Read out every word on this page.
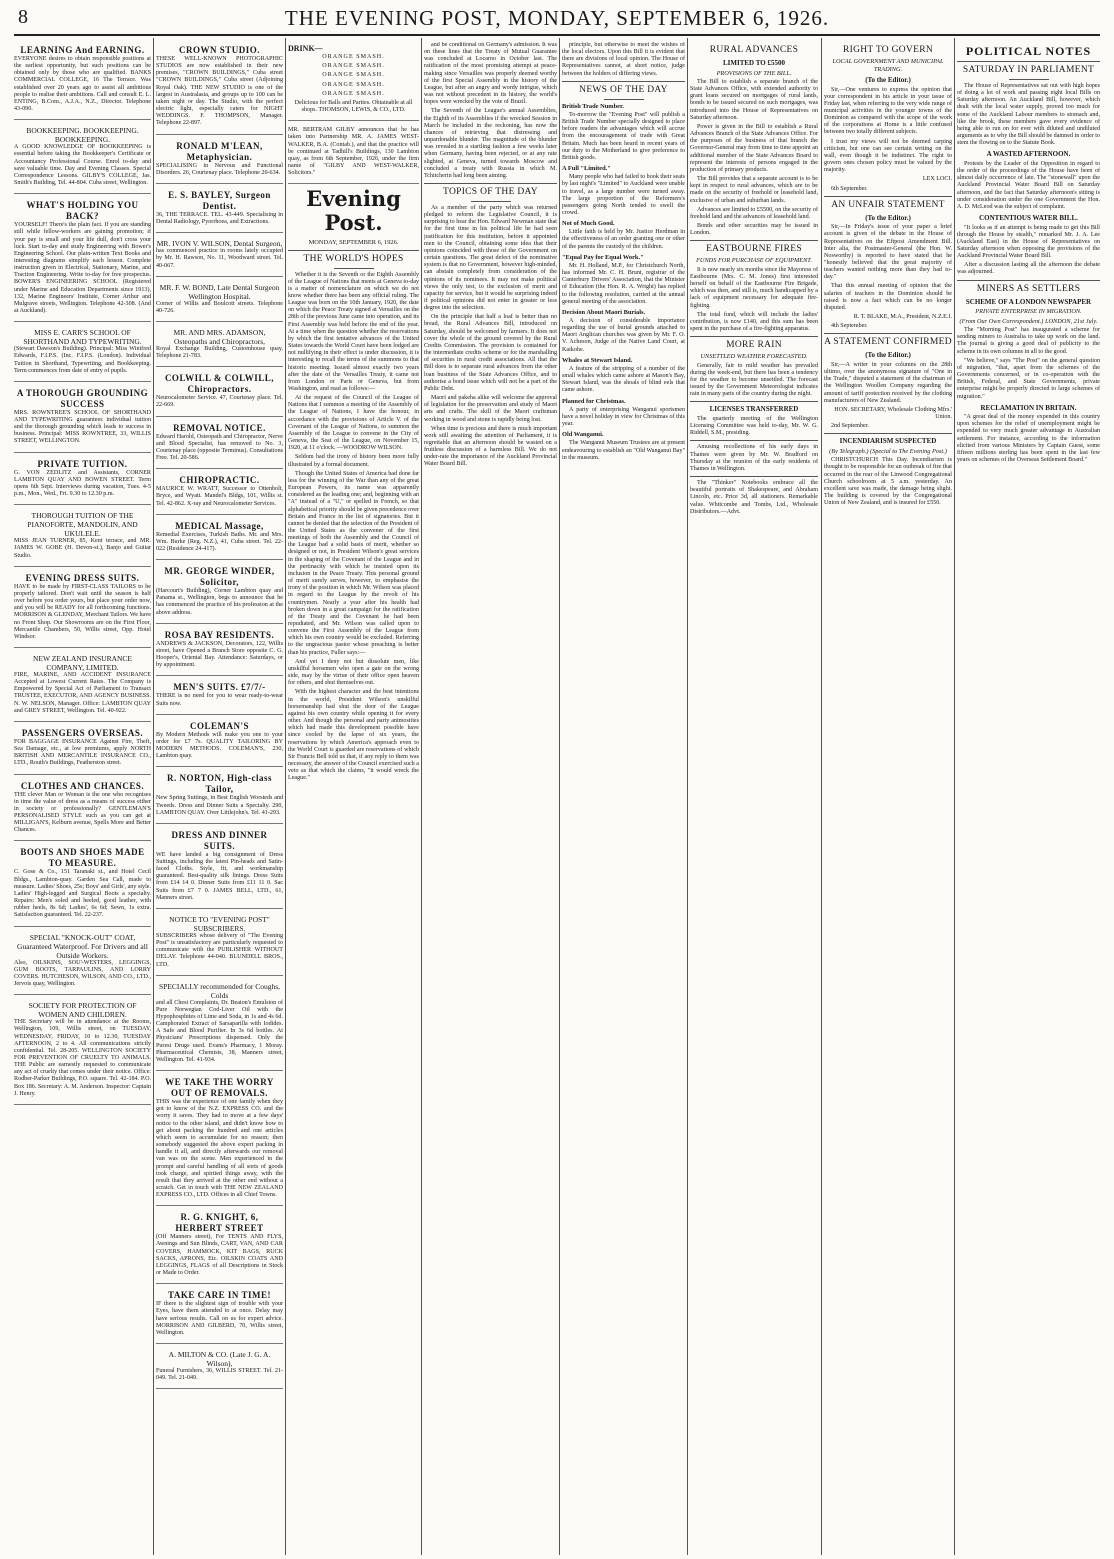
8	THE EVENING POST, MONDAY, SEPTEMBER 6, 1926.
LEARNING And EARNING.

EVERYONE desires to obtain responsible positions at the earliest opportunity, but such positions can be obtained only by those who are qualified. BANKS COMMERCIAL COLLEGE, 16 The Terrace. Was established over 20 years ago to assist all ambitious people to realise their ambitions. Call and consult E. L. ENTING, B.Com., A.J.A., N.Z., Director. Telephone 43-090.

BOOKKEEPING. BOOKKEEPING. BOOKKEEPING.

A GOOD KNOWLEDGE OF BOOKKEEPING is essential before taking the Bookkeeper's Certificate or Accountancy Professional Course. Enrol to-day and save valuable time. Day and Evening Classes. Special Correspondence Lessons. GILBY'S COLLEGE, Jas. Smith's Building, Tel. 44-804. Cuba street, Wellington.

WHAT'S HOLDING YOU BACK?

YOURSELF! There's the plain fact. If you are standing still while fellow-workers are gaining promotion; if your pay is small and your life dull, don't cross your luck. Start to-day and study Engineering with Bower's Engineering School. Our plain-written Text Books and interesting diagrams simplify each lesson. Complete instruction given in Electrical, Stationary, Marine, and Traction Engineering. Write to-day for free prospectus. BOWER'S ENGINEERING SCHOOL (Registered under Marine and Education Departments since 1913), 132, Marine Engineers' Institute, Corner Arthur and Mulgrave streets, Wellington. Telephone 42-308. (And at Auckland).

MISS E. CARR'S SCHOOL OF SHORTHAND AND TYPEWRITING.

(Stewart Dawson's Building). Principal: Miss Winifred Edwards, F.I.P.S. (Inc. F.I.P.S. (London). Individual Tuition in Shorthand, Typewriting, and Bookkeeping. Term commences from date of entry of pupils.

A THOROUGH GROUNDING SUCCESS

MRS. ROWNTREE'S SCHOOL OF SHORTHAND AND TYPEWRITING guarantees individual tuition and the thorough grounding which leads to success in business. Principal: MISS ROWNTREE, 33, WILLIS STREET, WELLINGTON.

PRIVATE TUITION.

G. VON ZEDLITZ and Assistants, CORNER LAMBTON QUAY AND BOWEN STREET. Term opens 6th Sept. Interviews during vacation, Tues. 4-5 p.m., Mon., Wed., Fri. 9.30 to 12.30 p.m.

THOROUGH TUITION OF THE PIANOFORTE, MANDOLIN, AND UKULELE.

MISS JEAN TURNER, 85, Kent terrace, and MR. JAMES W. GOBE (H. Devon-st.), Banjo and Guitar Studio.

EVENING DRESS SUITS.

HAVE to be made by FIRST-CLASS TAILORS to be properly tailored. Don't wait until the season is half over before you order yours, but place your order now, and you will be READY for all forthcoming functions. MORRISON & GLENDAY, Merchant Tailors. We have no Front Shop. Our Showrooms are on the First Floor, Mercantile Chambers, 50, Willis street, Opp. Hotel Windsor.

NEW ZEALAND INSURANCE COMPANY, LIMITED.

FIRE, MARINE, AND ACCIDENT INSURANCE Accepted at Lowest Current Rates. The Company is Empowered by Special Act of Parliament to Transact TRUSTEE, EXECUTOR, AND AGENCY BUSINESS. N. W. NELSON, Manager. Office: LAMBTON QUAY and GREY STREET, Wellington. Tel. 40-922.

PASSENGERS OVERSEAS.

FOR BAGGAGE INSURANCE Against Fire, Theft, Sea Damage, etc., at low premiums, apply NORTH BRITISH AND MERCANTILE INSURANCE CO., LTD., Routh's Buildings, Featherston street.

CLOTHES AND CHANCES.

THE clever Man or Woman is the one who recognises in time the value of dress as a means of success either in society or professionally? GENTLEMAN'S PERSONALISED STYLE such as you can get at MILLIGAN'S, Kelburn avenue, Spells More and Better Chances.

BOOTS AND SHOES MADE TO MEASURE.

C. Gose & Co., 151 Taranaki st., and Hotel Cecil Bldgs., Lambton-quay. Garden Sea Call, made to measure. Ladies' Shoes, 25s; Boys' and Girls', any style. Ladies' High-legged and Surgical Boots a specialty. Repairs: Men's soled and heeled, good leather, with rubber heels, 8s 6d; Ladies', 6s 6d; Sewn, 1s extra. Satisfaction guaranteed. Tel. 22-237.

SPECIAL "KNOCK-OUT" COAT, Guaranteed Waterproof. For Drivers and all Outside Workers.

Also, OILSKINS, SOU'-WESTERS, LEGGINGS, GUM BOOTS, TARPAULINS, AND LORRY COVERS. HUTCHESON, WILSON, AND CO., LTD., Jervois quay, Wellington.

SOCIETY FOR PROTECTION OF WOMEN AND CHILDREN.

THE Secretary will be in attendance at the Rooms, Wellington, 109, Willis street, on TUESDAY, WEDNESDAY, FRIDAY, 10 to 12.30, TUESDAY AFTERNOON, 2 to 4. All communications strictly confidential. Tel. 28-205. WELLINGTON SOCIETY FOR PREVENTION OF CRUELTY TO ANIMALS. THE Public are earnestly requested to communicate any act of cruelty that comes under their notice. Office: Rodber-Parker Buildings, P.O. square. Tel. 42-184. P.O. Box 186. Secretary: A. M. Anderson. Inspector: Captain J. Henry.

CROWN STUDIO.

THESE WELL-KNOWN PHOTOGRAPHIC STUDIOS are now established in their new premises, "CROWN BUILDINGS," Cuba street "CROWN BUILDINGS," Cuba street (Adjoining Royal Oak). THE NEW STUDIO is one of the largest in Australasia, and groups up to 100 can be taken night or day. The Studio, with the perfect electric light, especially caters for NIGHT WEDDINGS. F. THOMPSON, Manager. Telephone 22-897.

RONALD M'LEAN, Metaphysician.

SPECIALISING in Nervous and Functional Disorders. 26, Courtenay place. Telephone 20-634.

E. S. BAYLEY, Surgeon Dentist.

36, THE TERRACE. TEL. 43-449. Specialising in Dental Radiology, Pyorrhoea, and Extractions.

MR. IVON V. WILSON, Dental Surgeon,

has commenced practice in rooms lately occupied by Mr. H. Rawson, No. 11, Woodward street. Tel. 40-067.

MR. F. W. BOND, Late Dental Surgeon Wellington Hospital.

Corner of Willis and Boulcott streets. Telephone 40-726.

MR. AND MRS. ADAMSON, Osteopaths and Chiropractors,

Royal Exchange Building, Customhouse quay. Telephone 21-783.

COLWILL & COLWILL, Chiropractors.

Neurocalometer Service. 47, Courtenay place. Tel. 22-669.

REMOVAL NOTICE.

Edward Harold, Osteopath and Chiropractor, Nerve and Blood Specialist, has removed to No. 3, Courtenay place (opposite Terminus). Consultations Free. Tel. 20-586.

CHIROPRACTIC.

MAURICE W. WRATT, Successor to Ottenbolt, Bryce, and Wyatt. Mandel's Bldgs, 101, Willis st. Tel. 42-862. X-ray and Neurocalometer Services.

MEDICAL Massage,

Remedial Exercises, Turkish Baths. Mr. and Mrs. Wm. Burke (Reg. N.Z.), 41, Cuba street. Tel. 22-022 (Residence 24-417).

MR. GEORGE WINDER, Solicitor,

(Harcourt's Building), Corner Lambton quay and Panama st., Wellington, begs to announce that he has commenced the practice of his profession at the above address.

ROSA BAY RESIDENTS.

ANDREWS & JACKSON, Decorators, 122, Willis street, have Opened a Branch Store opposite C. G. Hooper's, Oriental Bay. Attendance: Saturdays, or by appointment.

MEN'S SUITS. £7/7/-

THERE is no need for you to wear ready-to-wear Suits now.

COLEMAN'S

By Modern Methods will make you one to your order for £7 7s. QUALITY TAILORING BY MODERN METHODS. COLEMAN'S, 230, Lambton quay.

R. NORTON, High-class Tailor,

New Spring Suitings, in Best English Worsteds and Tweeds. Dress and Dinner Suits a Specialty. 290, LAMBTON QUAY. Over Littlejohn's. Tel. 41-293.

DRESS AND DINNER SUITS.

WE have landed a big consignment of Dress Suitings, including the latest Pin-heads and Satin-faced Cloths. Style, fit, and workmanship guaranteed. Best-quality silk linings. Dress Suits from £14 14 0. Dinner Suits from £11 11 0. Sac Suits from £7 7 0. JAMES BELL, LTD., 61, Manners street.

NOTICE TO "EVENING POST" SUBSCRIBERS.

SUBSCRIBERS whose delivery of "The Evening Post" is unsatisfactory are particularly requested to communicate with the PUBLISHER WITHOUT DELAY. Telephone 44-040. BLUNDELL BROS., LTD.

SPECIALLY recommended for Coughs, Colds

and all Chest Complaints, Dr. Beaton's Emulsion of Pure Norwegian Cod-Liver Oil with the Hypophosphites of Lime and Soda, in 1s and 4s 6d. Camphorated Extract of Sarsaparilla with Iodides. A Safe and Blood Purifier. In 3s 6d bottles. At Physicians' Prescriptions dispensed. Only the Purest Drugs used. Evans's Pharmacy, 1 Moray. Pharmaceutical Chemists, 38, Manners street, Wellington. Tel. 41-934.

WE TAKE THE WORRY OUT OF REMOVALS.

THIS was the experience of one family when they got to know of the N.Z. EXPRESS CO. and the worry it saves. They had to move at a few days' notice to the other island, and didn't know how to get about packing the hundred and one articles which seem to accumulate for no reason; then somebody suggested the above expert packing in handle it all, and directly afterwards our removal van was on the scene. Men experienced in the prompt and careful handling of all sorts of goods took charge, and spirited things away, with the result that they arrived at the other end without a scratch. Get in touch with THE NEW ZEALAND EXPRESS CO., LTD. Offices in all Chief Towns.

R. G. KNIGHT, 6, HERBERT STREET

(Off Manners street), For TENTS AND FLYS, Awnings and Sun Blinds, CART, VAN, AND CAR COVERS, HAMMOCK, KIT BAGS, RUCK SACKS, APRONS, Etc. OILSKIN COATS AND LEGGINGS, FLAGS of all Descriptions in Stock or Made to Order.

TAKE CARE IN TIME!

IF there is the slightest sign of trouble with your Eyes, have them attended to at once. Delay may have serious results. Call on us for expert advice. MORRISON AND GILBERD, 70, Willis street, Wellington.

A. MILTON & CO. (Late J. G. A. Wilson),

Funeral Furnishers, 36, WILLIS STREET. Tel. 21-049. Tel. 21-049.

DRINK—

ORANGE SMASH.

ORANGE SMASH.

ORANGE SMASH.

ORANGE SMASH.

ORANGE SMASH.

Delicious for Balls and Parties. Obtainable at all shops. THOMSON, LEWIS, & CO., LTD.

MR. BERTRAM GILBY announces that he has taken into Partnership MR. A. JAMES WEST-WALKER, B.A. (Contab.), and that the practice will be continued at Tadhill's Buildings, 130 Lambton quay, as from 6th September, 1926, under the firm name of "GILBY AND WEST-WALKER, Solicitors."

Evening Post.
MONDAY, SEPTEMBER 6, 1926.
THE WORLD'S HOPES

Whether it is the Seventh or the Eighth Assembly of the League of Nations that meets at Geneva to-day is a matter of nomenclature on which we do not know whether there has been any official ruling. The League was born on the 10th January, 1920, the date on which the Peace Treaty signed at Versailles on the 28th of the previous June came into operation, and its First Assembly was held before the end of the year. At a time when the question whether the reservations by which the first tentative advances of the United States towards the World Court have been lodged are not nullifying in their effect is under discussion, it is interesting to recall the terms of the summons to that historic meeting. Issued almost exactly two years after the date of the Versailles Treaty, it came not from London or Paris or Geneva, but from Washington, and read as follows:—

At the request of the Council of the League of Nations that I summon a meeting of the Assembly of the League of Nations, I have the honour, in accordance with the provisions of Article V. of the Covenant of the League of Nations, to summon the Assembly of the League to convene in the City of Geneva, the Seat of the League, on November 15, 1920, at 11 o'clock. —WOODROW WILSON.

Seldom had the irony of history been more fully illustrated by a formal document.

Though the United States of America had done far less for the winning of the War than any of the great European Powers, its name was apparently considered as the leading one; and, beginning with an "A" instead of a "U," or spelled in French, so that alphabetical priority should be given precedence over Britain and France in the list of signatories. But it cannot be denied that the selection of the President of the United States as the convener of the first meetings of both the Assembly and the Council of the League had a solid basis of merit, whether so designed or not, in President Wilson's great services in the shaping of the Covenant of the League and in the pertinacity with which he insisted upon its inclusion in the Peace Treaty. This personal ground of merit surely serves, however, to emphasise the irony of the position in which Mr. Wilson was placed in regard to the League by the revolt of his countrymen. Nearly a year after his health had broken down in a great campaign for the ratification of the Treaty and the Covenant he had been repudiated, and Mr. Wilson was called upon to convene the First Assembly of the League from which his own country would be excluded. Referring to the ungracious pastor whose preaching is better than his practice, Fuller says:—

And yet I deny not but dissolute men, like unskilful horsemen who open a gate on the wrong side, may by the virtue of their office open heaven for others, and shut themselves out.

With the highest character and the best intentions in the world, President Wilson's unskilful horsemanship had shut the door of the League against his own country while opening it for every other. And though the personal and party animosities which had made this development possible have since cooled by the lapse of six years, the reservations by which America's approach even to the World Court is guarded are reservations of which Sir Francis Bell told us that, if any reply to them was necessary, the answer of the Council exercised such a veto as that which the claims, "it would wreck the League."

and be conditional on Germany's admission. It was on these lines that the Treaty of Mutual Guarantee was concluded at Locarno in October last. The ratification of the most promising attempt at peace-making since Versailles was properly deemed worthy of the first Special Assembly in the history of the League, but after an angry and wordy intrigue, which was not without precedent in its history, the world's hopes were wrecked by the vote of Brazil.

The Seventh of the League's annual Assemblies, the Eighth of its Assemblies if the wrecked Session in March be included in the reckoning, has now the chances of retrieving that distressing and unpardonable blunder. The magnitude of the blunder was revealed in a startling fashion a few weeks later when Germany, having been rejected, or at any rate slighted, at Geneva, turned towards Moscow and concluded a treaty with Russia in which M. Tchitcherin had long been aiming.

TOPICS OF THE DAY

As a member of the party which was returned pledged to reform the Legislative Council, it is surprising to hear the Hon. Edward Newman state that for the first time in his political life he had seen justification for this institution, before it appointed men to the Council, obtaining some idea that their opinions coincided with those of the Government on certain questions. The great defect of the nominative system is that no Government, however high-minded, can abstain completely from consideration of the opinions of its nominees. It may not make political views the only test, to the exclusion of merit and capacity for service, but it would be surprising indeed if political opinions did not enter in greater or less degree into the selection.

On the principle that half a loaf is better than no bread, the Rural Advances Bill, introduced on Saturday, should be welcomed by farmers. It does not cover the whole of the ground covered by the Rural Credits Commission. The provision is contained for the intermediate credits scheme or for the marshalling of securities in rural credit associations. All that the Bill does is to separate rural advances from the other loan business of the State Advances Office, and to authorise a bond issue which will not be a part of the Public Debt.

Maori and pakeha alike will welcome the approval of legislation for the preservation and study of Maori arts and crafts. The skill of the Maori craftsman working in wood and stone is rapidly being lost.

When time is precious and there is much important work still awaiting the attention of Parliament, it is regrettable that an afternoon should be wasted on a fruitless discussion of a harmless Bill. We do not under-rate the importance of the Auckland Provincial Water Board Bill.

principle, but otherwise to meet the wishes of the local electors. Upon this Bill it is evident that there are divisions of local opinion. The House of Representatives cannot, at short notice, judge between the holders of differing views.

NEWS OF THE DAY

British Trade Number.

To-morrow the "Evening Post" will publish a British Trade Number specially designed to place before readers the advantages which will accrue from the encouragement of trade with Great Britain. Much has been heard in recent years of our duty to the Motherland to give preference to British goods.

A Full "Limited."

Many people who had failed to book their seats by last night's "Limited" to Auckland were unable to travel, as a large number were turned away. The large proportion of the Reformers's passengers going North tended to swell the crowd.

Not of Much Good.

Little faith is held by Mr. Justice Herdman in the effectiveness of an order granting one or other of the parents the custody of the children.

"Equal Pay for Equal Work."

Mr. H. Holland, M.P., for Christchurch North, has informed Mr. C. H. Brunt, registrar of the Canterbury Drivers' Association, that the Minister of Education (the Hon. R. A. Wright) has replied to the following resolution, carried at the annual general meeting of the association.

Decision About Maori Burials.

A decision of considerable importance regarding the use of burial grounds attached to Maori Anglican churches was given by Mr. F. O. V. Acheson, Judge of the Native Land Court, at Kaikohe.

Whales at Stewart Island.

A feature of the stripping of a number of the small whales which came ashore at Mason's Bay, Stewart Island, was the shoals of blind eels that came ashore.

Planned for Christmas.

A party of enterprising Wanganui sportsmen have a novel holiday in view for Christmas of this year.

Old Wanganui.

The Wanganui Museum Trustees are at present endeavouring to establish an "Old Wanganui Bay" in the museum.

RURAL ADVANCES
LIMITED TO £5500
PROVISIONS OF THE BILL.

The Bill to establish a separate branch of the State Advances Office, with extended authority to grant loans secured on mortgages of rural lands, bonds to be issued secured on such mortgages, was introduced into the House of Representatives on Saturday afternoon.

Power is given in the Bill to establish a Rural Advances Branch of the State Advances Office. For the purposes of the business of that branch the Governor-General may from time to time appoint an additional member of the State Advances Board to represent the interests of persons engaged in the production of primary products.

The Bill provides that a separate account is to be kept in respect to rural advances, which are to be made on the security of freehold or leasehold land, exclusive of urban and suburban lands.

Advances are limited to £5500, on the security of freehold land and the advances of leasehold land.

Bonds and other securities may be issued in London.

EASTBOURNE FIRES
FUNDS FOR PURCHASE OF EQUIPMENT.

It is now nearly six months since the Mayoress of Eastbourne (Mrs. C. M. Jones) first interested herself on behalf of the Eastbourne Fire Brigade, which was then, and still is, much handicapped by a lack of equipment necessary for adequate fire-fighting.

The total fund, which will include the ladies' contribution, is now £140, and this sum has been spent in the purchase of a fire-fighting apparatus.

MORE RAIN
UNSETTLED WEATHER FORECASTED.

Generally, fair to mild weather has prevailed during the week-end, but there has been a tendency for the weather to become unsettled. The forecast issued by the Government Meteorologist indicates rain in many parts of the country during the night.

LICENSES TRANSFERRED

The quarterly meeting of the Wellington Licensing Committee was held to-day, Mr. W. G. Riddell, S.M., presiding.

Amusing recollections of his early days in Thames were given by Mr. W. Bradford on Thursday at the reunion of the early residents of Thames in Wellington.

The "Thinker" Notebooks embrace all the beautiful portraits of Shakespeare, and Abraham Lincoln, etc. Price 3d, all stationers. Remarkable value. Whitcombe and Tombs, Ltd., Wholesale Distributors.—Advt.

RIGHT TO GOVERN
LOCAL GOVERNMENT AND MUNICIPAL TRADING.
(To the Editor.)

Sir,—One ventures to express the opinion that your correspondent in his article in your issue of Friday last, when referring to the very wide range of municipal activities in the younger towns of the Dominion as compared with the scope of the work of the corporations at Home is a little confused between two totally different subjects.

I trust my views will not be deemed carping criticism, but one can see certain writing on the wall, even though it be indistinct. The right to govern ones chosen policy must be valued by the majority.

LEX LOCI.

6th September.

AN UNFAIR STATEMENT
(To the Editor.)

Sir,—In Friday's issue of your paper a brief account is given of the debate in the House of Representatives on the Eftpost Amendment Bill. Inter alia, the Postmaster-General (the Hon. W. Nosworthy) is reported to have stated that he "honestly believed that the great majority of teachers wanted nothing more than they had to-day."

That this annual meeting of opinion that the salaries of teachers in the Dominion should be raised is now a fact which can be no longer disputed.

R. T. BLAKE, M.A., President, N.Z.E.I.

4th September.

A STATEMENT CONFIRMED
(To the Editor.)

Sir,—A writer in your columns on the 28th ultimo, over the anonymous signature of "One in the Trade," disputed a statement of the chairman of the Wellington Woollen Company regarding the amount of tariff protection received by the clothing manufacturers of New Zealand.

HON. SECRETARY, Wholesale Clothing Mfrs.' Union.

2nd September.

INCENDIARISM SUSPECTED
(By Telegraph.) (Special to The Evening Post.)

CHRISTCHURCH This Day. Incendiarism is thought to be responsible for an outbreak of fire that occurred in the rear of the Linwood Congregational Church schoolroom at 5 a.m. yesterday. An excellent save was made, the damage being slight. The building is covered by the Congregational Union of New Zealand, and is insured for £550.

POLITICAL NOTES
SATURDAY IN PARLIAMENT

The House of Representatives sat out with high hopes of doing a lot of work and passing eight local Bills on Saturday afternoon. An Auckland Bill, however, which dealt with the local water supply, proved too much for some of the Auckland Labour members to stomach and, like the brook, these members gave every evidence of being able to run on for ever with diluted and undiluted arguments as to why the Bill should be damned in order to stem the flowing on to the Statute Book.

A WASTED AFTERNOON.

Protests by the Leader of the Opposition in regard to the order of the proceedings of the House have been of almost daily occurrence of late. The "stonewall" upon the Auckland Provincial Water Board Bill on Saturday afternoon, and the fact that Saturday afternoon's sitting is under consideration under the one Government the Hon. A. D. McLeod was the subject of complaint.

CONTENTIOUS WATER BILL.

"It looks as if an attempt is being made to get this Bill through the House by stealth," remarked Mr. J. A. Lee (Auckland East) in the House of Representatives on Saturday afternoon when opposing the provisions of the Auckland Provincial Water Board Bill.

After a discussion lasting all the afternoon the debate was adjourned.

MINERS AS SETTLERS
SCHEME OF A LONDON NEWSPAPER
PRIVATE ENTERPRISE IN MIGRATION.
(From Our Own Correspondent.) LONDON, 21st July.

The "Morning Post" has inaugurated a scheme for sending miners to Australia to take up work on the land. The journal is giving a good deal of publicity to the scheme in its own columns in all to the good.

"We believe," says "The Post" on the general question of migration, "that, apart from the schemes of the Governments concerned, or in co-operation with the British, Federal, and State Governments, private enterprise might be properly directed to large schemes of migration."

RECLAMATION IN BRITAIN.

"A great deal of the money expended in this country upon schemes for the relief of unemployment might be expended to very much greater advantage in Australian settlement. For instance, according to the information elicited from various Ministers by Captain Guest, some fifteen millions sterling has been spent in the last few years on schemes of the Overseas Settlement Board."
